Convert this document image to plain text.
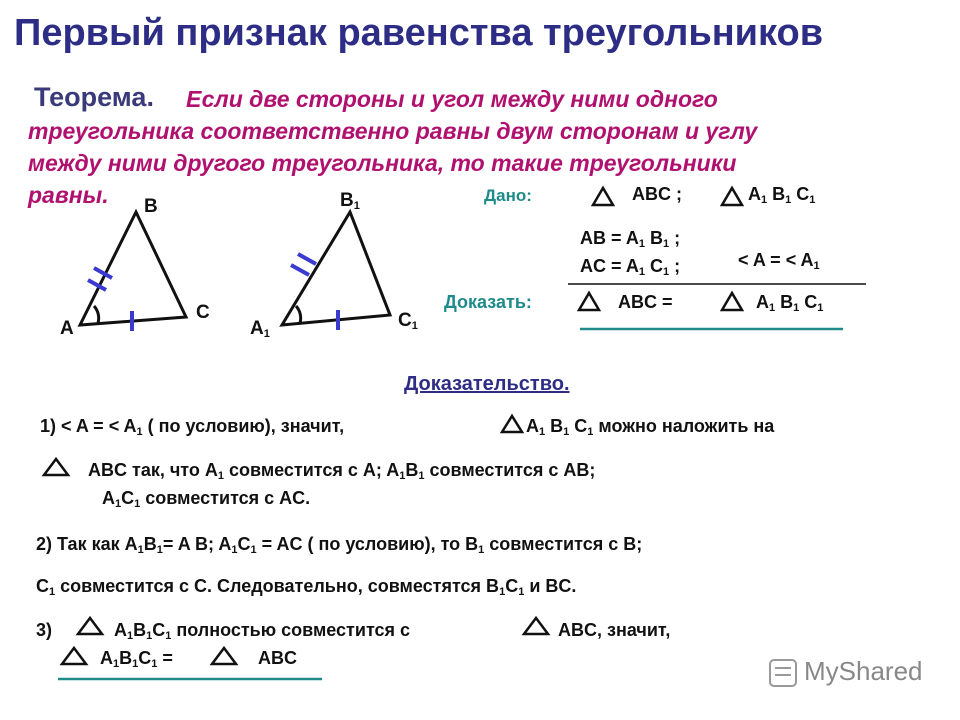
Первый признак равенства треугольников
Теорема. Если две стороны и угол между ними одного
треугольника соответственно равны двум сторонам и углу
между ними другого треугольника, то такие треугольники
равны.
A
B
C
$A_1$
$B_1$
$C_1$
Дано:	ABC ;	$A_1$ $B_1$ $C_1$
AB = $A_1$ $B_1$ ;
AC = $A_1$ $C_1$ ;	< A = < $A_1$
Доказать:	ABC =	$A_1$ $B_1$ $C_1$
Доказательство.
1) < A = < $A_1$ ( по условию), значит,	$A_1$ $B_1$ $C_1$ можно наложить на
ABC так, что $A_1$ совместится с A; $A_1B_1$ совместится с AB;
$A_1C_1$ совместится с AC.
2) Так как $A_1B_1= A$ B; $A_1C_1$ = AC ( по условию), то $B_1$ совместится с B;
$C_1$ совместится с C. Следовательно, совместятся $B_1C_1$ и BC.
3)	$A_1B_1C_1$ полностью совместится с	ABC, значит,
$A_1B_1C_1$ =	ABC	MyShared
